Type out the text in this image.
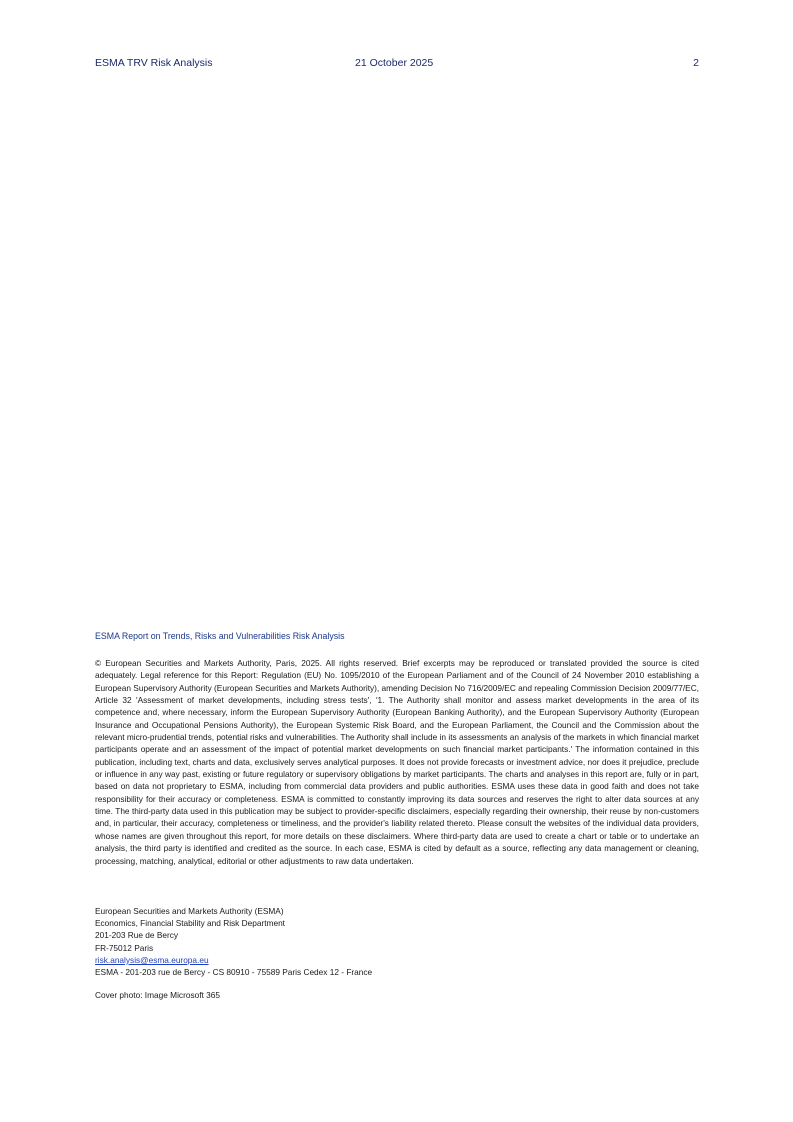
ESMA TRV Risk Analysis	21 October 2025	2
ESMA Report on Trends, Risks and Vulnerabilities Risk Analysis

© European Securities and Markets Authority, Paris, 2025. All rights reserved. Brief excerpts may be reproduced or translated provided the source is cited adequately. Legal reference for this Report: Regulation (EU) No. 1095/2010 of the European Parliament and of the Council of 24 November 2010 establishing a European Supervisory Authority (European Securities and Markets Authority), amending Decision No 716/2009/EC and repealing Commission Decision 2009/77/EC, Article 32 'Assessment of market developments, including stress tests', '1. The Authority shall monitor and assess market developments in the area of its competence and, where necessary, inform the European Supervisory Authority (European Banking Authority), and the European Supervisory Authority (European Insurance and Occupational Pensions Authority), the European Systemic Risk Board, and the European Parliament, the Council and the Commission about the relevant micro-prudential trends, potential risks and vulnerabilities. The Authority shall include in its assessments an analysis of the markets in which financial market participants operate and an assessment of the impact of potential market developments on such financial market participants.' The information contained in this publication, including text, charts and data, exclusively serves analytical purposes. It does not provide forecasts or investment advice, nor does it prejudice, preclude or influence in any way past, existing or future regulatory or supervisory obligations by market participants. The charts and analyses in this report are, fully or in part, based on data not proprietary to ESMA, including from commercial data providers and public authorities. ESMA uses these data in good faith and does not take responsibility for their accuracy or completeness. ESMA is committed to constantly improving its data sources and reserves the right to alter data sources at any time. The third-party data used in this publication may be subject to provider-specific disclaimers, especially regarding their ownership, their reuse by non-customers and, in particular, their accuracy, completeness or timeliness, and the provider's liability related thereto. Please consult the websites of the individual data providers, whose names are given throughout this report, for more details on these disclaimers. Where third-party data are used to create a chart or table or to undertake an analysis, the third party is identified and credited as the source. In each case, ESMA is cited by default as a source, reflecting any data management or cleaning, processing, matching, analytical, editorial or other adjustments to raw data undertaken.

European Securities and Markets Authority (ESMA)
Economics, Financial Stability and Risk Department
201-203 Rue de Bercy
FR-75012 Paris
risk.analysis@esma.europa.eu
ESMA - 201-203 rue de Bercy - CS 80910 - 75589 Paris Cedex 12 - France
Cover photo: Image Microsoft 365
